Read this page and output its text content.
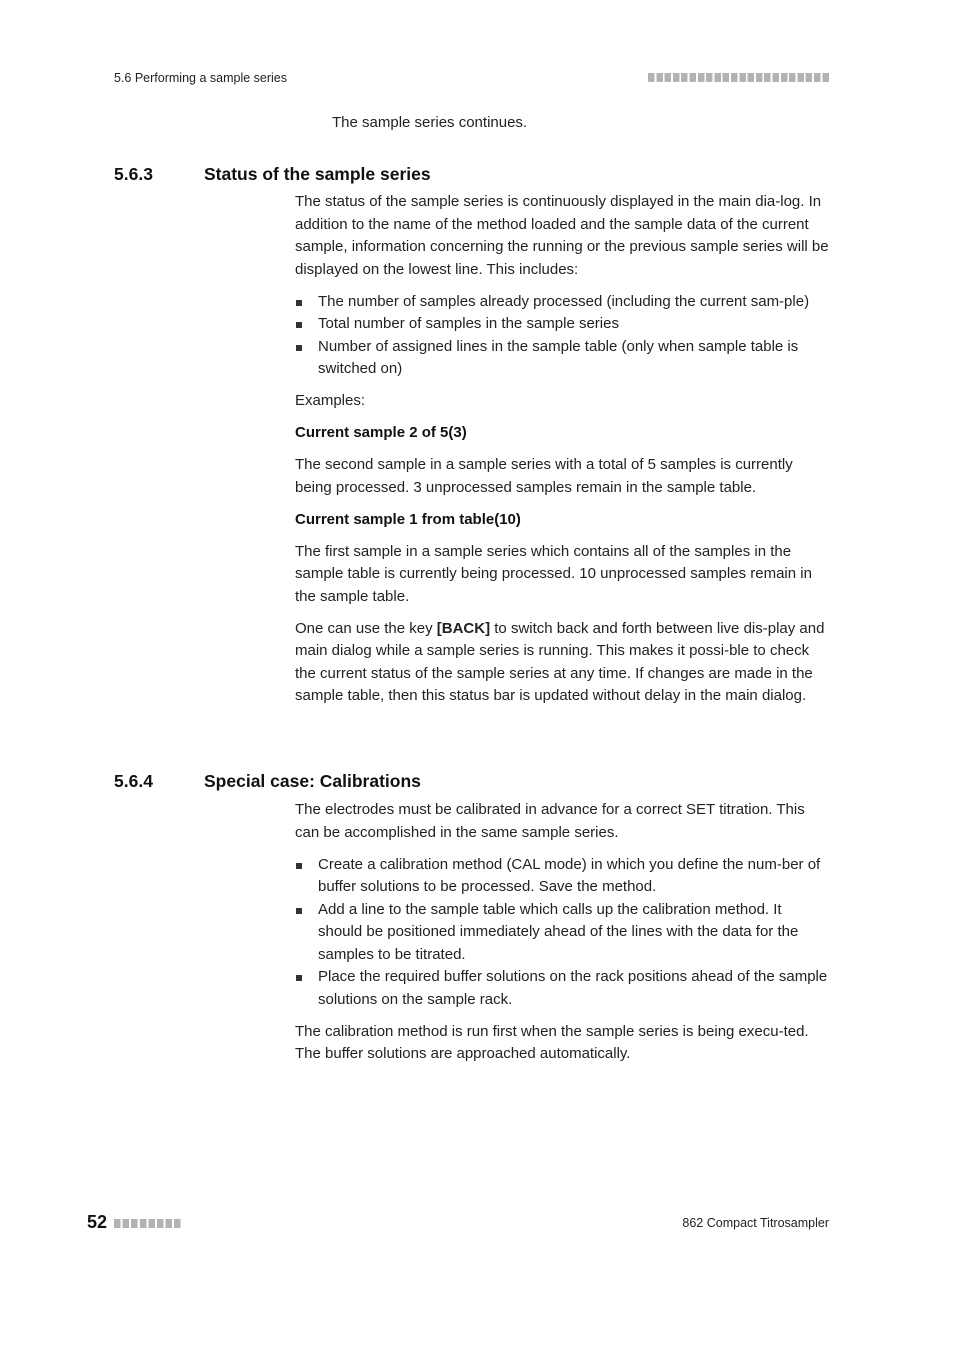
5.6 Performing a sample series
The sample series continues.
5.6.3	Status of the sample series

The status of the sample series is continuously displayed in the main dia-log. In addition to the name of the method loaded and the sample data of the current sample, information concerning the running or the previous sample series will be displayed on the lowest line. This includes:

The number of samples already processed (including the current sam-ple)
Total number of samples in the sample series
Number of assigned lines in the sample table (only when sample table is switched on)

Examples:

Current sample 2 of 5(3)

The second sample in a sample series with a total of 5 samples is currently being processed. 3 unprocessed samples remain in the sample table.

Current sample 1 from table(10)

The first sample in a sample series which contains all of the samples in the sample table is currently being processed. 10 unprocessed samples remain in the sample table.

One can use the key [BACK] to switch back and forth between live dis-play and main dialog while a sample series is running. This makes it possi-ble to check the current status of the sample series at any time. If changes are made in the sample table, then this status bar is updated without delay in the main dialog.

5.6.4	Special case: Calibrations

The electrodes must be calibrated in advance for a correct SET titration. This can be accomplished in the same sample series.

Create a calibration method (CAL mode) in which you define the num-ber of buffer solutions to be processed. Save the method.
Add a line to the sample table which calls up the calibration method. It should be positioned immediately ahead of the lines with the data for the samples to be titrated.
Place the required buffer solutions on the rack positions ahead of the sample solutions on the sample rack.

The calibration method is run first when the sample series is being execu-ted. The buffer solutions are approached automatically.

52	862 Compact Titrosampler
